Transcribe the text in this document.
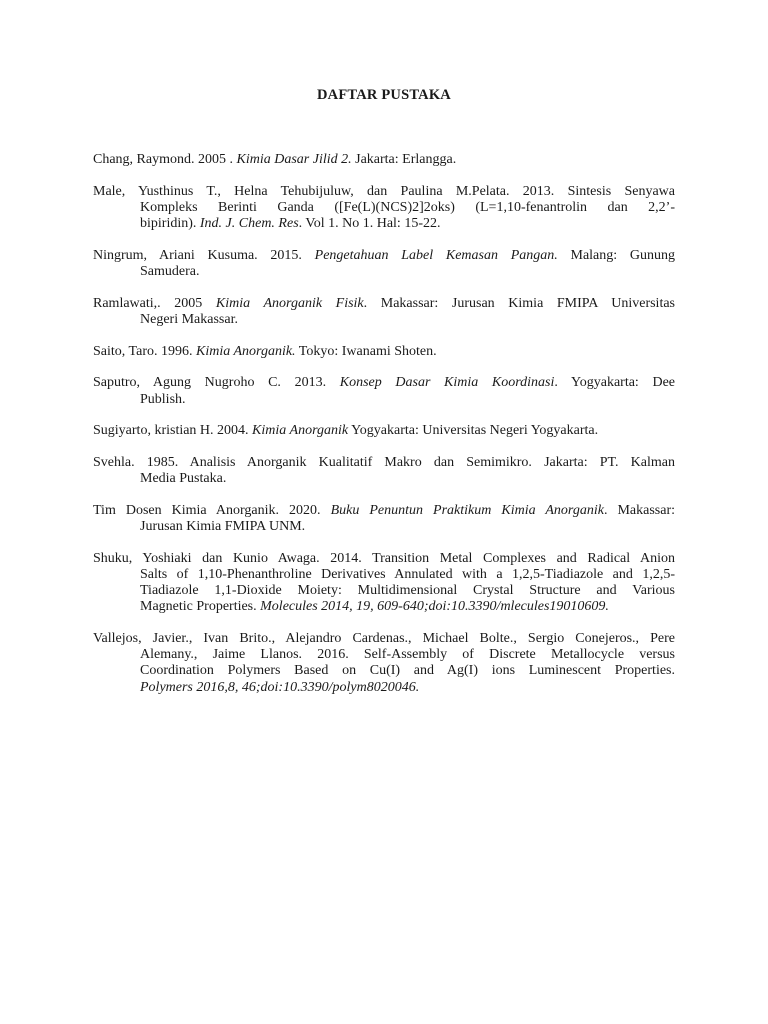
DAFTAR PUSTAKA
Chang, Raymond. 2005 . Kimia Dasar Jilid 2. Jakarta: Erlangga.
Male, Yusthinus T., Helna Tehubijuluw, dan Paulina M.Pelata. 2013. Sintesis Senyawa
Kompleks Berinti Ganda ([Fe(L)(NCS)2]2oks) (L=1,10-fenantrolin dan 2,2’-
bipiridin). Ind. J. Chem. Res. Vol 1. No 1. Hal: 15-22.
Ningrum, Ariani Kusuma. 2015. Pengetahuan Label Kemasan Pangan. Malang: Gunung
Samudera.
Ramlawati,. 2005 Kimia Anorganik Fisik. Makassar: Jurusan Kimia FMIPA Universitas
Negeri Makassar.
Saito, Taro. 1996. Kimia Anorganik. Tokyo: Iwanami Shoten.
Saputro, Agung Nugroho C. 2013. Konsep Dasar Kimia Koordinasi. Yogyakarta: Dee
Publish.
Sugiyarto, kristian H. 2004. Kimia Anorganik Yogyakarta: Universitas Negeri Yogyakarta.
Svehla. 1985. Analisis Anorganik Kualitatif Makro dan Semimikro. Jakarta: PT. Kalman
Media Pustaka.
Tim Dosen Kimia Anorganik. 2020. Buku Penuntun Praktikum Kimia Anorganik. Makassar:
Jurusan Kimia FMIPA UNM.
Shuku, Yoshiaki dan Kunio Awaga. 2014. Transition Metal Complexes and Radical Anion
Salts of 1,10-Phenanthroline Derivatives Annulated with a 1,2,5-Tiadiazole and 1,2,5-
Tiadiazole 1,1-Dioxide Moiety: Multidimensional Crystal Structure and Various
Magnetic Properties. Molecules 2014, 19, 609-640;doi:10.3390/mlecules19010609.
Vallejos, Javier., Ivan Brito., Alejandro Cardenas., Michael Bolte., Sergio Conejeros., Pere
Alemany., Jaime Llanos. 2016. Self-Assembly of Discrete Metallocycle versus
Coordination Polymers Based on Cu(I) and Ag(I) ions Luminescent Properties.
Polymers 2016,8, 46;doi:10.3390/polym8020046.
